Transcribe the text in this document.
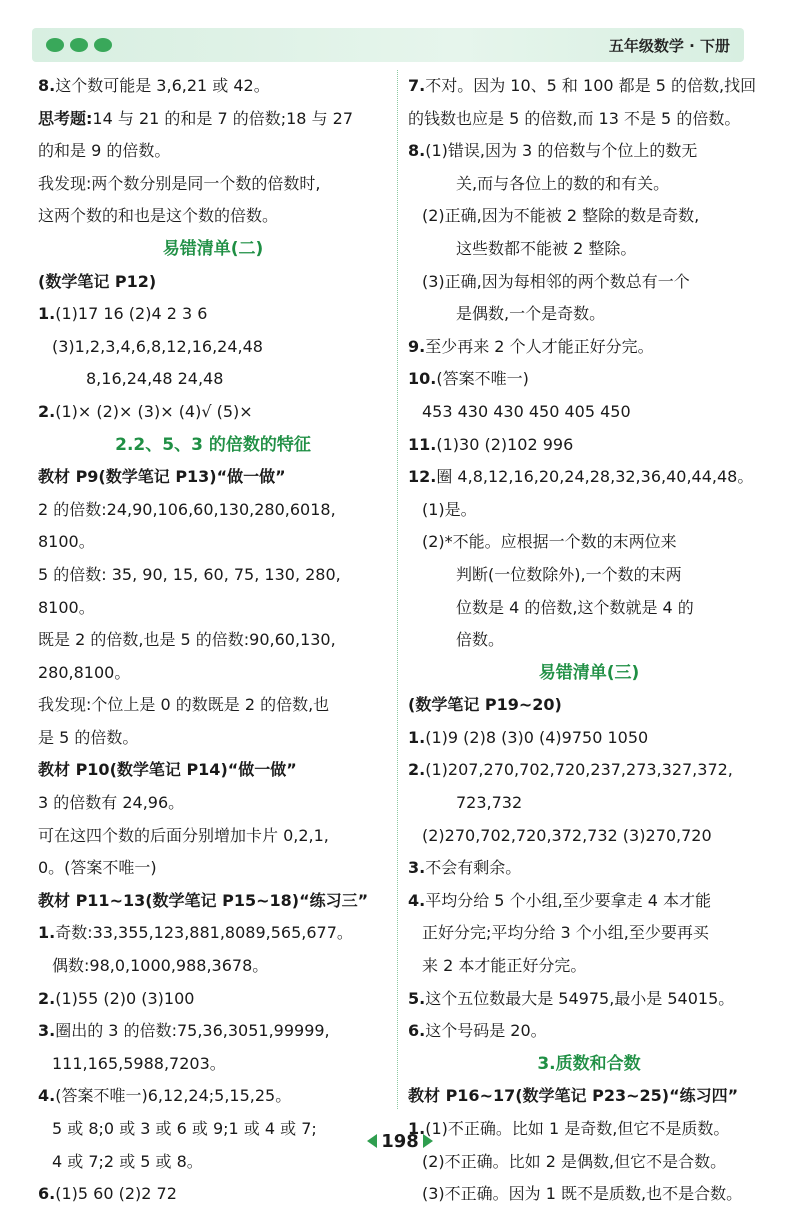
五年级数学 · 下册
8.这个数可能是 3,6,21 或 42。
思考题:14 与 21 的和是 7 的倍数;18 与 27
的和是 9 的倍数。
我发现:两个数分别是同一个数的倍数时,
这两个数的和也是这个数的倍数。
易错清单(二)
(数学笔记 P12)
1.(1)17 16 (2)4 2 3 6
(3)1,2,3,4,6,8,12,16,24,48
8,16,24,48 24,48
2.(1)× (2)× (3)× (4)√ (5)×
2.2、5、3 的倍数的特征
教材 P9(数学笔记 P13)“做一做”
2 的倍数:24,90,106,60,130,280,6018,
8100。
5 的倍数: 35, 90, 15, 60, 75, 130, 280,
8100。
既是 2 的倍数,也是 5 的倍数:90,60,130,
280,8100。
我发现:个位上是 0 的数既是 2 的倍数,也
是 5 的倍数。
教材 P10(数学笔记 P14)“做一做”
3 的倍数有 24,96。
可在这四个数的后面分别增加卡片 0,2,1,
0。(答案不唯一)
教材 P11~13(数学笔记 P15~18)“练习三”
1.奇数:33,355,123,881,8089,565,677。
偶数:98,0,1000,988,3678。
2.(1)55 (2)0 (3)100
3.圈出的 3 的倍数:75,36,3051,99999,
111,165,5988,7203。
4.(答案不唯一)6,12,24;5,15,25。
5 或 8;0 或 3 或 6 或 9;1 或 4 或 7;
4 或 7;2 或 5 或 8。
6.(1)5 60 (2)2 72
7.不对。因为 10、5 和 100 都是 5 的倍数,找回
的钱数也应是 5 的倍数,而 13 不是 5 的倍数。
8.(1)错误,因为 3 的倍数与个位上的数无
关,而与各位上的数的和有关。
(2)正确,因为不能被 2 整除的数是奇数,
这些数都不能被 2 整除。
(3)正确,因为每相邻的两个数总有一个
是偶数,一个是奇数。
9.至少再来 2 个人才能正好分完。
10.(答案不唯一)
453 430 430 450 405 450
11.(1)30 (2)102 996
12.圈 4,8,12,16,20,24,28,32,36,40,44,48。
(1)是。
(2)*不能。应根据一个数的末两位来
判断(一位数除外),一个数的末两
位数是 4 的倍数,这个数就是 4 的
倍数。
易错清单(三)
(数学笔记 P19~20)
1.(1)9 (2)8 (3)0 (4)9750 1050
2.(1)207,270,702,720,237,273,327,372,
723,732
(2)270,702,720,372,732 (3)270,720
3.不会有剩余。
4.平均分给 5 个小组,至少要拿走 4 本才能
正好分完;平均分给 3 个小组,至少要再买
来 2 本才能正好分完。
5.这个五位数最大是 54975,最小是 54015。
6.这个号码是 20。
3.质数和合数
教材 P16~17(数学笔记 P23~25)“练习四”
1.(1)不正确。比如 1 是奇数,但它不是质数。
(2)不正确。比如 2 是偶数,但它不是合数。
(3)不正确。因为 1 既不是质数,也不是合数。
198
